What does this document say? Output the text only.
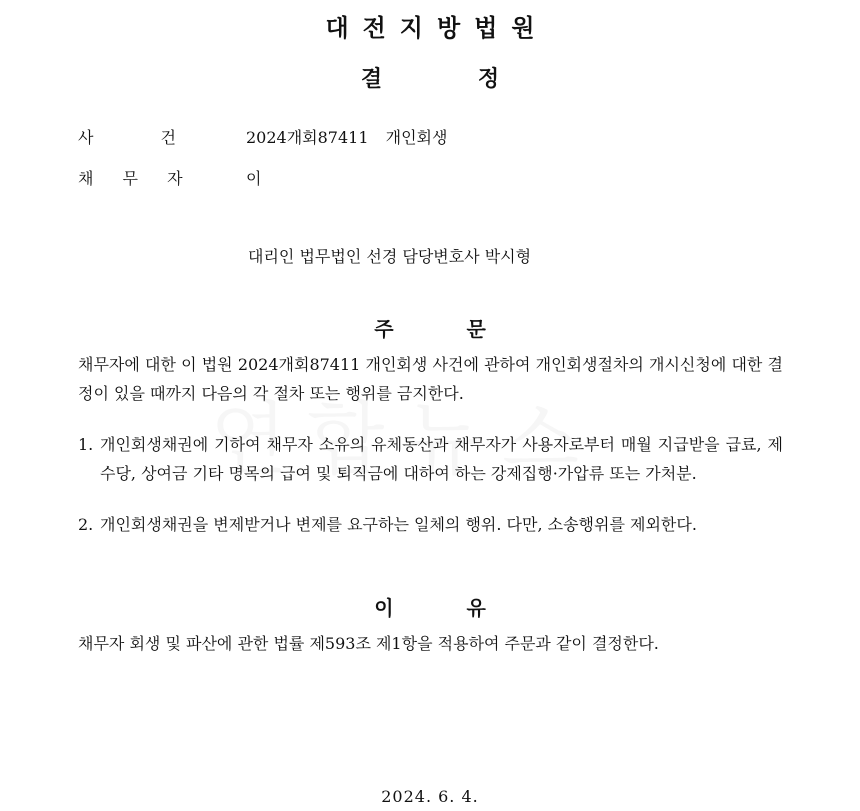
대전지방법원
결 정
사 건	2024개회87411 개인회생
채 무 자	이
대리인 법무법인 선경 담당변호사 박시형
주 문
채무자에 대한 이 법원 2024개회87411 개인회생 사건에 관하여 개인회생절차의 개시신청에 대한 결정이 있을 때까지 다음의 각 절차 또는 행위를 금지한다.
1. 개인회생채권에 기하여 채무자 소유의 유체동산과 채무자가 사용자로부터 매월 지급받을 급료, 제수당, 상여금 기타 명목의 급여 및 퇴직금에 대하여 하는 강제집행·가압류 또는 가처분.
2. 개인회생채권을 변제받거나 변제를 요구하는 일체의 행위. 다만, 소송행위를 제외한다.
이 유
채무자 회생 및 파산에 관한 법률 제593조 제1항을 적용하여 주문과 같이 결정한다.
2024. 6. 4.
